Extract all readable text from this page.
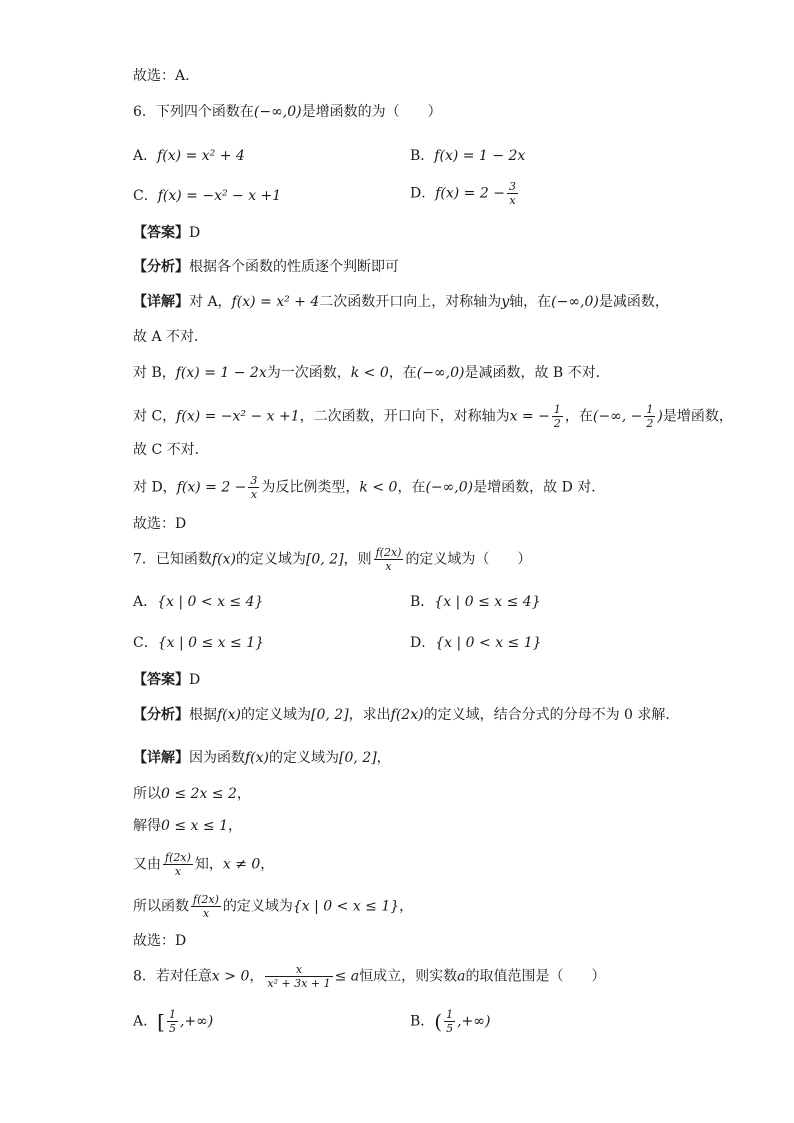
故选：A．
6．下列四个函数在(−∞,0)是增函数的为（　　）
A．f(x) = x² + 4	B．f(x) = 1 − 2x
C．f(x) = −x² − x +1	D．$f(x) = 2 - \frac{3}{x}$
【答案】D
【分析】根据各个函数的性质逐个判断即可
【详解】对 A，f(x) = x² + 4二次函数开口向上，对称轴为y轴，在(−∞,0)是减函数，
故 A 不对．
对 B，f(x) = 1 − 2x为一次函数，k < 0，在(−∞,0)是减函数，故 B 不对．
对 C，f(x) = −x² − x +1，二次函数，开口向下，对称轴为x = − $\frac{1}{2}$ ，在(−∞, − $\frac{1}{2}$ )是增函数，
故 C 不对．
对 D，$f(x) = 2 - \frac{3}{x}$ 为反比例类型，k < 0，在(−∞,0)是增函数，故 D 对．
故选：D
7．已知函数f(x)的定义域为[0, 2]，则 $\frac{f(2x)}{x}$ 的定义域为（　　）
A．{x | 0 < x ≤ 4}	B．{x | 0 ≤ x ≤ 4}
C．{x | 0 ≤ x ≤ 1}	D．{x | 0 < x ≤ 1}
【答案】D
【分析】根据f(x)的定义域为[0, 2]，求出f(2x)的定义域，结合分式的分母不为 0 求解.
【详解】因为函数f(x)的定义域为[0, 2]，
所以0 ≤ 2x ≤ 2，
解得0 ≤ x ≤ 1，
又由 $\frac{f(2x)}{x}$ 知，x ≠ 0，
所以函数 $\frac{f(2x)}{x}$ 的定义域为{x | 0 < x ≤ 1}，
故选：D
8．若对任意x > 0， $\frac{x}{\text{x² + 3x + 1}} \le a$恒成立，则实数a的取值范围是（　　）
A．[ $\frac{1}{5}$ ,+∞)	B．( $\frac{1}{5}$ ,+∞)
